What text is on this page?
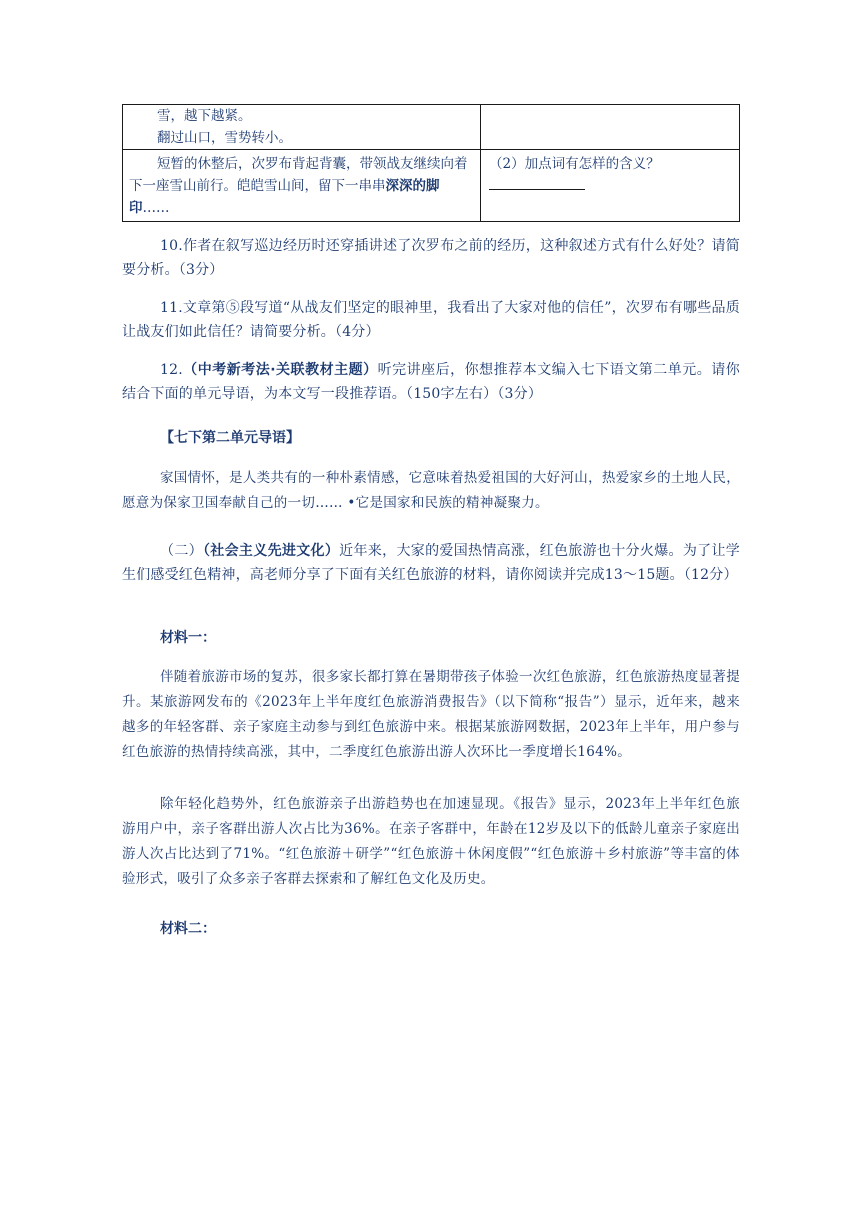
雪，越下越紧。
翻过山口，雪势转小。	

短暂的休整后，次罗布背起背囊，带领战友继续向着下一座雪山前行。皑皑雪山间，留下一串串深深的脚印……	（2）加点词有怎样的含义？

10.作者在叙写巡边经历时还穿插讲述了次罗布之前的经历，这种叙述方式有什么好处？请简要分析。（3分）

11.文章第⑤段写道“从战友们坚定的眼神里，我看出了大家对他的信任”，次罗布有哪些品质让战友们如此信任？请简要分析。（4分）

12.（中考新考法·关联教材主题）听完讲座后，你想推荐本文编入七下语文第二单元。请你结合下面的单元导语，为本文写一段推荐语。（150字左右）（3分）

【七下第二单元导语】

家国情怀，是人类共有的一种朴素情感，它意味着热爱祖国的大好河山，热爱家乡的土地人民，愿意为保家卫国奉献自己的一切…… •它是国家和民族的精神凝聚力。

（二）（社会主义先进文化）近年来，大家的爱国热情高涨，红色旅游也十分火爆。为了让学生们感受红色精神，高老师分享了下面有关红色旅游的材料，请你阅读并完成13～15题。（12分）

材料一：

伴随着旅游市场的复苏，很多家长都打算在暑期带孩子体验一次红色旅游，红色旅游热度显著提升。某旅游网发布的《2023年上半年度红色旅游消费报告》（以下简称“报告”）显示，近年来，越来越多的年轻客群、亲子家庭主动参与到红色旅游中来。根据某旅游网数据，2023年上半年，用户参与红色旅游的热情持续高涨，其中，二季度红色旅游出游人次环比一季度增长164%。

除年轻化趋势外，红色旅游亲子出游趋势也在加速显现。《报告》显示，2023年上半年红色旅游用户中，亲子客群出游人次占比为36%。在亲子客群中，年龄在12岁及以下的低龄儿童亲子家庭出游人次占比达到了71%。“红色旅游＋研学”“红色旅游＋休闲度假”“红色旅游＋乡村旅游”等丰富的体验形式，吸引了众多亲子客群去探索和了解红色文化及历史。

材料二：
